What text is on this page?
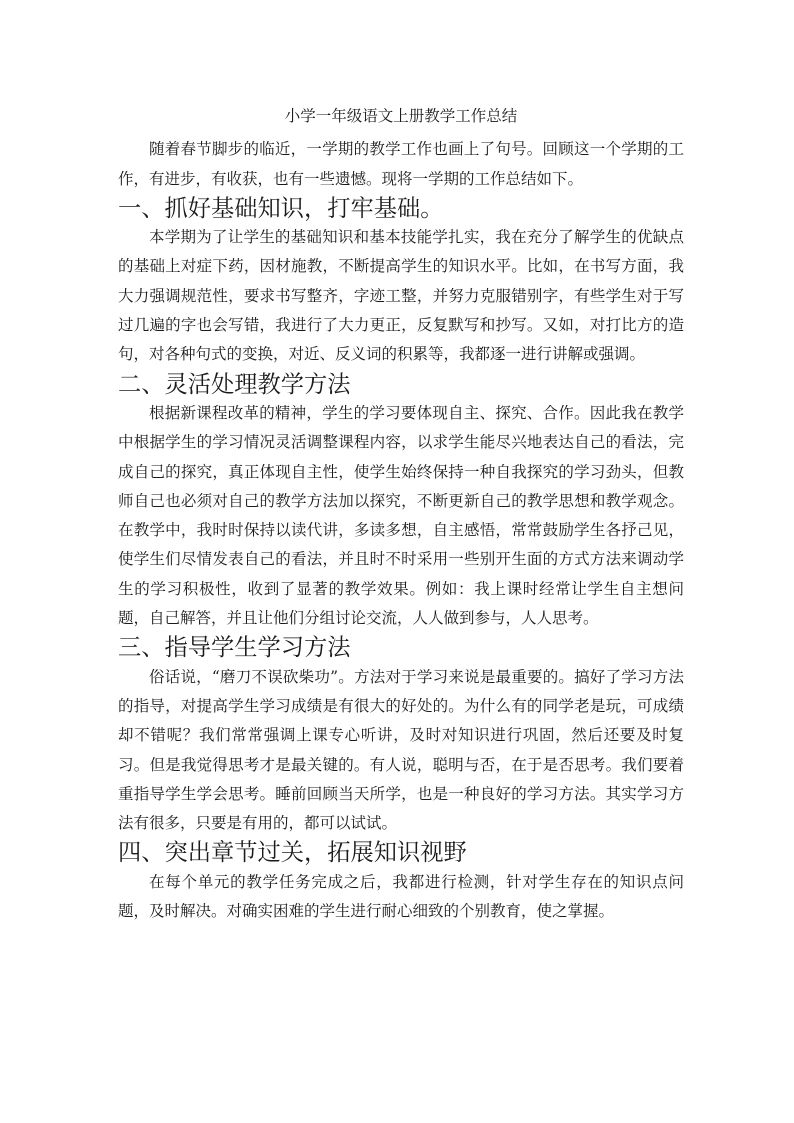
小学一年级语文上册教学工作总结

随着春节脚步的临近，一学期的教学工作也画上了句号。回顾这一个学期的工作，有进步，有收获，也有一些遗憾。现将一学期的工作总结如下。

一、抓好基础知识，打牢基础。

本学期为了让学生的基础知识和基本技能学扎实，我在充分了解学生的优缺点的基础上对症下药，因材施教，不断提高学生的知识水平。比如，在书写方面，我大力强调规范性，要求书写整齐，字迹工整，并努力克服错别字，有些学生对于写过几遍的字也会写错，我进行了大力更正，反复默写和抄写。又如，对打比方的造句，对各种句式的变换，对近、反义词的积累等，我都逐一进行讲解或强调。

二、灵活处理教学方法

根据新课程改革的精神，学生的学习要体现自主、探究、合作。因此我在教学中根据学生的学习情况灵活调整课程内容，以求学生能尽兴地表达自己的看法，完成自己的探究，真正体现自主性，使学生始终保持一种自我探究的学习劲头，但教师自己也必须对自己的教学方法加以探究，不断更新自己的教学思想和教学观念。在教学中，我时时保持以读代讲，多读多想，自主感悟，常常鼓励学生各抒己见，使学生们尽情发表自己的看法，并且时不时采用一些别开生面的方式方法来调动学生的学习积极性，收到了显著的教学效果。例如：我上课时经常让学生自主想问题，自己解答，并且让他们分组讨论交流，人人做到参与，人人思考。

三、指导学生学习方法

俗话说，“磨刀不误砍柴功”。方法对于学习来说是最重要的。搞好了学习方法的指导，对提高学生学习成绩是有很大的好处的。为什么有的同学老是玩，可成绩却不错呢？我们常常强调上课专心听讲，及时对知识进行巩固，然后还要及时复习。但是我觉得思考才是最关键的。有人说，聪明与否，在于是否思考。我们要着重指导学生学会思考。睡前回顾当天所学，也是一种良好的学习方法。其实学习方法有很多，只要是有用的，都可以试试。

四、突出章节过关，拓展知识视野

在每个单元的教学任务完成之后，我都进行检测，针对学生存在的知识点问题，及时解决。对确实困难的学生进行耐心细致的个别教育，使之掌握。
